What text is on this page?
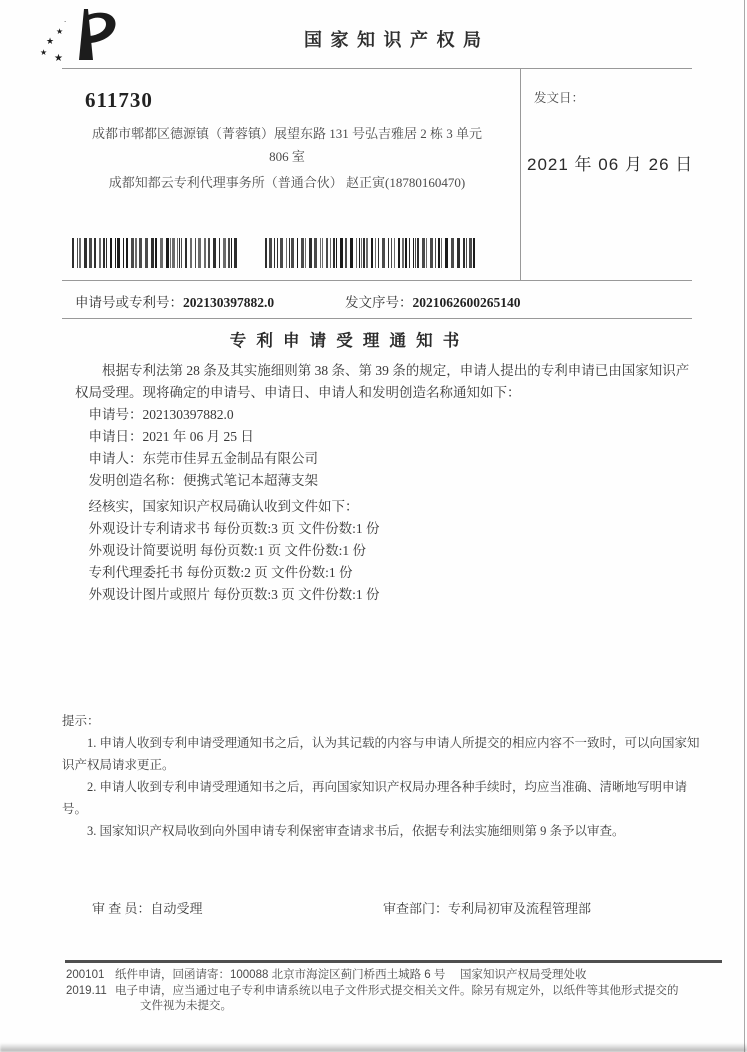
·
★
★
★
★
国 家 知 识 产 权 局
611730
成都市郫都区德源镇（菁蓉镇）展望东路 131 号弘吉雅居 2 栋 3 单元
806 室
成都知都云专利代理事务所（普通合伙） 赵正寅(18780160470)
发文日：
2021 年 06 月 26 日
申请号或专利号：202130397882.0	发文序号：2021062600265140
专 利 申 请 受 理 通 知 书

根据专利法第 28 条及其实施细则第 38 条、第 39 条的规定，申请人提出的专利申请已由国家知识产权局受理。现将确定的申请号、申请日、申请人和发明创造名称通知如下：

申请号：202130397882.0

申请日：2021 年 06 月 25 日

申请人：东莞市佳昇五金制品有限公司

发明创造名称：便携式笔记本超薄支架

经核实，国家知识产权局确认收到文件如下：

外观设计专利请求书 每份页数:3 页 文件份数:1 份

外观设计简要说明 每份页数:1 页 文件份数:1 份

专利代理委托书 每份页数:2 页 文件份数:1 份

外观设计图片或照片 每份页数:3 页 文件份数:1 份

提示：

1. 申请人收到专利申请受理通知书之后，认为其记载的内容与申请人所提交的相应内容不一致时，可以向国家知识产权局请求更正。

2. 申请人收到专利申请受理通知书之后，再向国家知识产权局办理各种手续时，均应当准确、清晰地写明申请号。

3. 国家知识产权局收到向外国申请专利保密审查请求书后，依据专利法实施细则第 9 条予以审查。

审 查 员：自动受理	审查部门：专利局初审及流程管理部
200101
2019.11
纸件申请，回函请寄：100088 北京市海淀区蓟门桥西土城路 6 号　 国家知识产权局受理处收
电子申请，应当通过电子专利申请系统以电子文件形式提交相关文件。除另有规定外，以纸件等其他形式提交的
文件视为未提交。
